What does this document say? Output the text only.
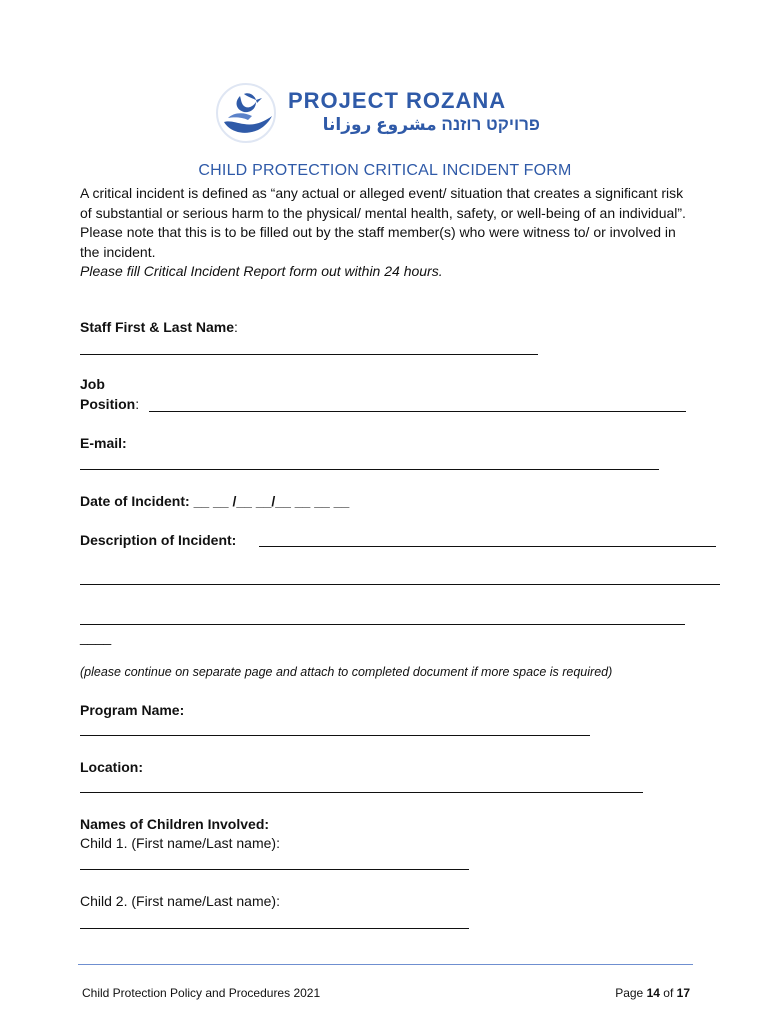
PROJECT ROZANA
פרויקט רוזנה مشروع روزانا
CHILD PROTECTION CRITICAL INCIDENT FORM

A critical incident is defined as “any actual or alleged event/ situation that creates a significant risk of substantial or serious harm to the physical/ mental health, safety, or well-being of an individual”.

Please note that this is to be filled out by the staff member(s) who were witness to/ or involved in the incident.

Please fill Critical Incident Report form out within 24 hours.

Staff First & Last Name:
Job
Position:
E-mail:
Date of Incident: __ __ /__ __/__ __ __ __
Description of Incident:
____
(please continue on separate page and attach to completed document if more space is required)
Program Name:
Location:
Names of Children Involved:
Child 1. (First name/Last name):
Child 2. (First name/Last name):
Child Protection Policy and Procedures 2021	Page 14 of 17
